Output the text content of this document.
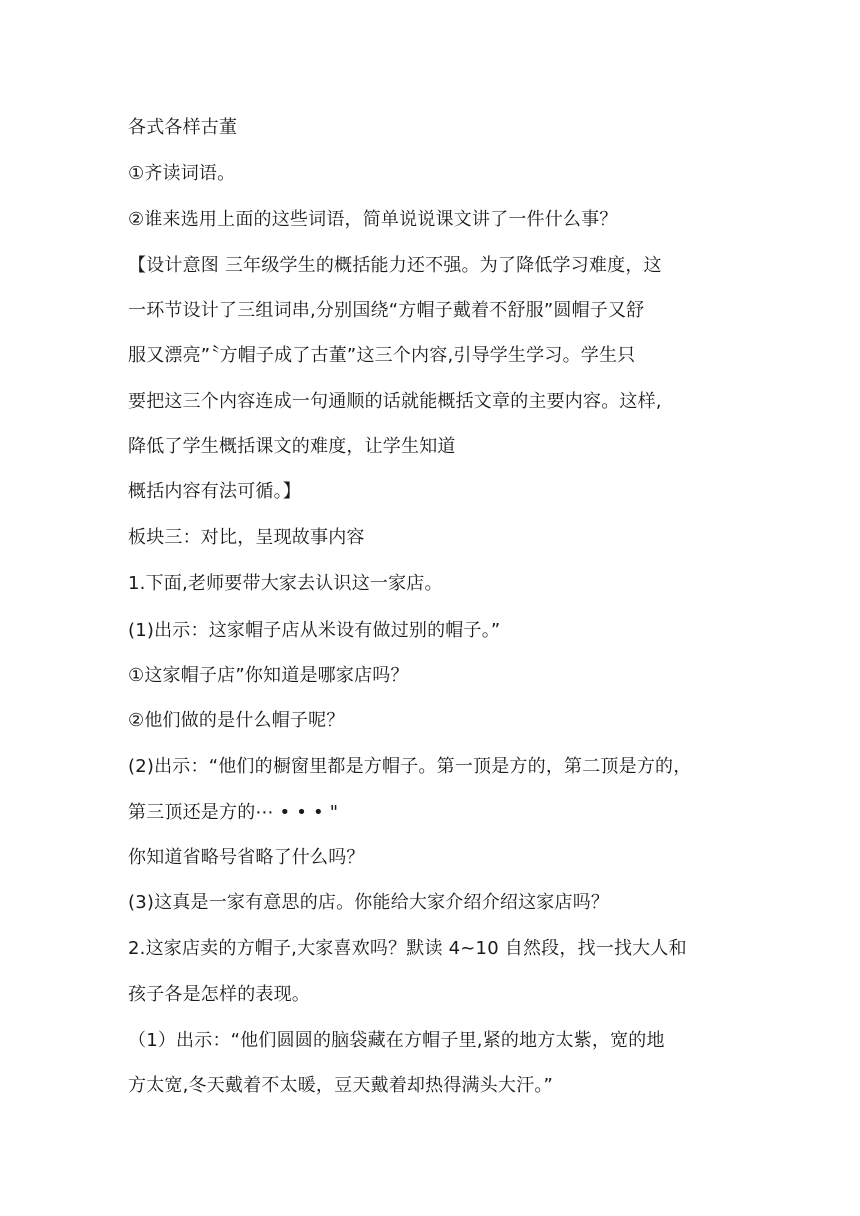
各式各样古董
①齐读词语。
②谁来选用上面的这些词语，简单说说课文讲了一件什么事？
【设计意图 三年级学生的概括能力还不强。为了降低学习难度，这
一环节设计了三组词串,分别国绕“方帽子戴着不舒服”圆帽子又舒
服又漂亮”〝方帽子成了古董”这三个内容,引导学生学习。学生只
要把这三个内容连成一句通顺的话就能概括文章的主要内容。这样,
降低了学生概括课文的难度，让学生知道
概括内容有法可循。】
板块三：对比，呈现故事内容
1.下面,老师要带大家去认识这一家店。
(1)出示：这家帽子店从米设有做过别的帽子。”
①这家帽子店”你知道是哪家店吗？
②他们做的是什么帽子呢？
(2)出示：“他们的橱窗里都是方帽子。第一顶是方的，第二顶是方的，
第三顶还是方的⋯ • • • "
你知道省略号省略了什么吗？
(3)这真是一家有意思的店。你能给大家介绍介绍这家店吗？
2.这家店卖的方帽子,大家喜欢吗？默读 4~10 自然段，找一找大人和
孩子各是怎样的表现。
（1）出示：“他们圆圆的脑袋藏在方帽子里,紧的地方太紫，宽的地
方太宽,冬天戴着不太暖，豆天戴着却热得满头大汗。”
